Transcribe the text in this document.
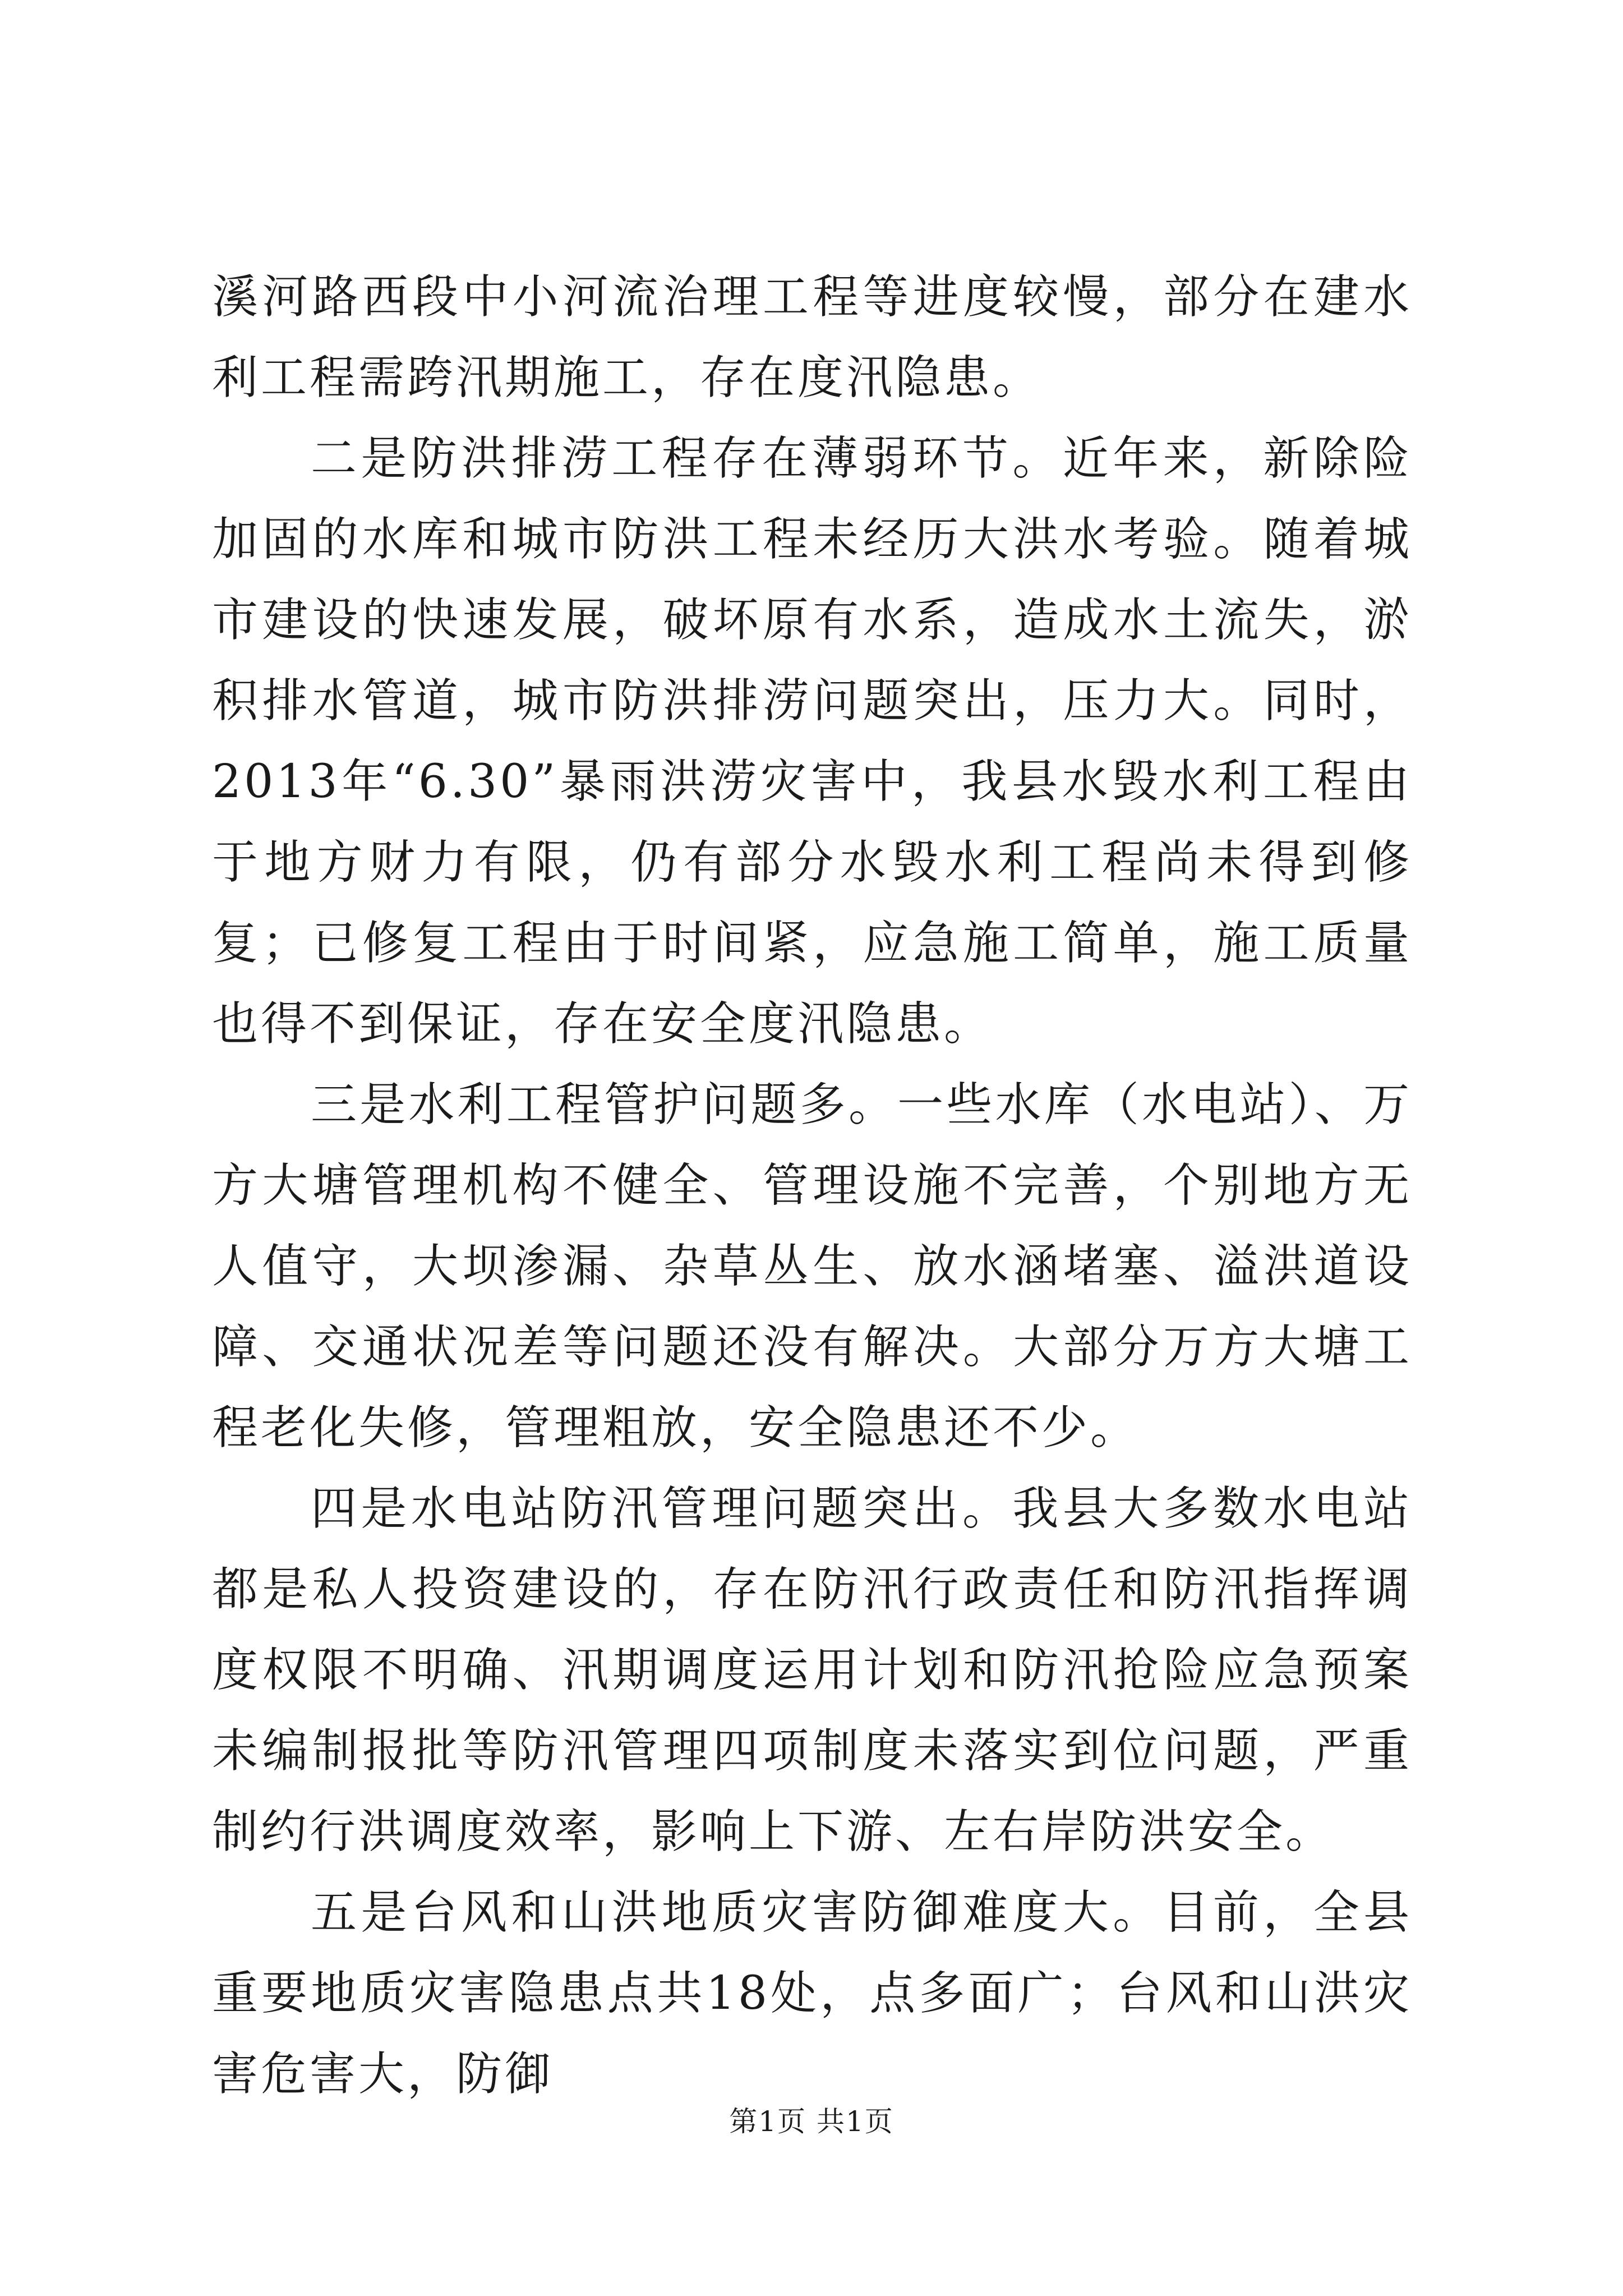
溪河路西段中小河流治理工程等进度较慢，部分在建水利工程需跨汛期施工，存在度汛隐患。

二是防洪排涝工程存在薄弱环节。近年来，新除险加固的水库和城市防洪工程未经历大洪水考验。随着城市建设的快速发展，破坏原有水系，造成水土流失，淤积排水管道，城市防洪排涝问题突出，压力大。同时，2013年“6.30”暴雨洪涝灾害中，我县水毁水利工程由于地方财力有限，仍有部分水毁水利工程尚未得到修复；已修复工程由于时间紧，应急施工简单，施工质量也得不到保证，存在安全度汛隐患。

三是水利工程管护问题多。一些水库（水电站）、万方大塘管理机构不健全、管理设施不完善，个别地方无人值守，大坝渗漏、杂草丛生、放水涵堵塞、溢洪道设障、交通状况差等问题还没有解决。大部分万方大塘工程老化失修，管理粗放，安全隐患还不少。

四是水电站防汛管理问题突出。我县大多数水电站都是私人投资建设的，存在防汛行政责任和防汛指挥调度权限不明确、汛期调度运用计划和防汛抢险应急预案未编制报批等防汛管理四项制度未落实到位问题，严重制约行洪调度效率，影响上下游、左右岸防洪安全。

五是台风和山洪地质灾害防御难度大。目前，全县重要地质灾害隐患点共18处，点多面广；台风和山洪灾害危害大，防御

第1页 共1页
